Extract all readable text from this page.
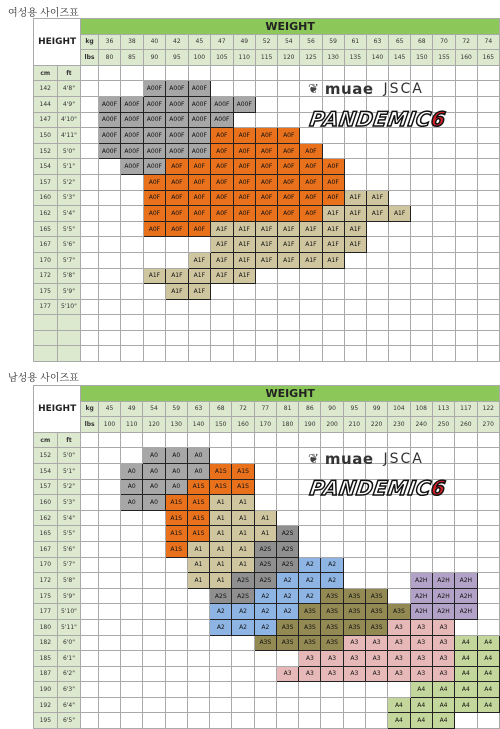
여성용 사이즈표
HEIGHT		WEIGHT																		
		kg	36	38	40	42	45	47	49	52	54	56	59	61	63	65	68	70	72	74
		lbs	80	85	90	95	100	105	110	115	120	125	130	135	140	145	150	155	160	165
cm	ft																			
142	4'8"				A00F	A00F	A00F													
144	4'9"		A00F	A00F	A00F	A00F	A00F	A00F	A00F											
147	4'10"		A00F	A00F	A00F	A00F	A00F	A00F												
150	4'11"		A00F	A00F	A00F	A00F	A00F	A0F	A0F	A0F	A0F									
152	5'0"		A00F	A00F	A00F	A00F	A00F	A0F	A0F	A0F	A0F	A0F								
154	5'1"			A00F	A00F	A0F	A0F	A0F	A0F	A0F	A0F	A0F	A0F							
157	5'2"				A0F	A0F	A0F	A0F	A0F	A0F	A0F	A0F	A0F							
160	5'3"				A0F	A0F	A0F	A0F	A0F	A0F	A0F	A0F	A0F	A1F	A1F					
162	5'4"				A0F	A0F	A0F	A0F	A0F	A0F	A0F	A0F	A1F	A1F	A1F	A1F				
165	5'5"				A0F	A0F	A0F	A1F	A1F	A1F	A1F	A1F	A1F	A1F						
167	5'6"							A1F	A1F	A1F	A1F	A1F	A1F	A1F						
170	5'7"						A1F	A1F	A1F	A1F	A1F	A1F	A1F							
172	5'8"				A1F	A1F	A1F	A1F	A1F											
175	5'9"					A1F	A1F													
177	5'10"																			

❦ muae JSCA
PANDEMIC6
남성용 사이즈표
HEIGHT		WEIGHT																		
		kg	45	49	54	59	63	68	72	77	81	86	90	95	99	104	108	113	117	122
		lbs	100	110	120	130	140	150	160	170	180	190	200	210	220	230	240	250	260	270
cm	ft																			
152	5'0"				A0	A0	A0													
154	5'1"			A0	A0	A0	A0	A1S	A1S											
157	5'2"			A0	A0	A0	A1S	A1S	A1S											
160	5'3"			A0	A0	A1S	A1S	A1	A1											
162	5'4"					A1S	A1S	A1	A1	A1										
165	5'5"					A1S	A1S	A1	A1	A1	A2S									
167	5'6"					A1S	A1	A1	A1	A2S	A2S									
170	5'7"						A1	A1	A1	A2S	A2S	A2	A2							
172	5'8"						A1	A1	A2S	A2S	A2	A2	A2				A2H	A2H	A2H	
175	5'9"							A2S	A2S	A2	A2	A2	A3S	A3S	A3S		A2H	A2H	A2H	
177	5'10"							A2	A2	A2	A2	A3S	A3S	A3S	A3S	A3S	A2H	A2H	A2H	
180	5'11"							A2	A2	A2	A3S	A3S	A3S	A3S	A3S	A3	A3	A3		
182	6'0"									A3S	A3S	A3S	A3S	A3	A3	A3	A3	A3	A4	A4
185	6'1"											A3	A3	A3	A3	A3	A3	A3	A4	A4
187	6'2"										A3	A3	A3	A3	A3	A3	A3	A3	A4	A4
190	6'3"																A4	A4	A4	A4
192	6'4"															A4	A4	A4	A4	A4
195	6'5"															A4	A4	A4		
❦ muae JSCA
PANDEMIC6
